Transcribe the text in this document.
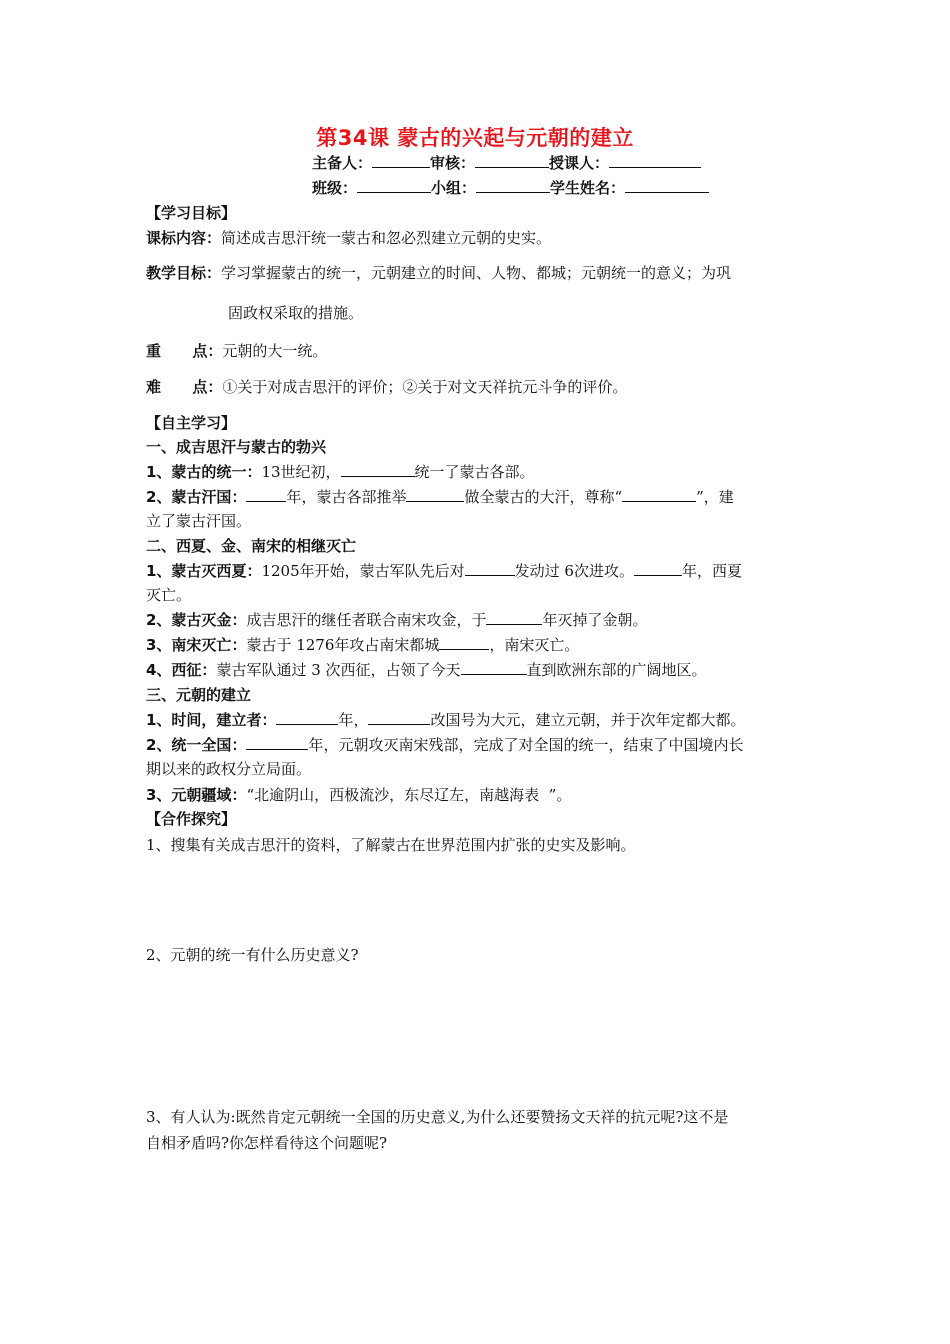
第34课 蒙古的兴起与元朝的建立
主备人：	审核：	授课人：
班级：	小组：	学生姓名：
【学习目标】
课标内容：简述成吉思汗统一蒙古和忽必烈建立元朝的史实。
教学目标：学习掌握蒙古的统一，元朝建立的时间、人物、都城；元朝统一的意义；为巩
固政权采取的措施。
重      点：元朝的大一统。
难      点：①关于对成吉思汗的评价；②关于对文天祥抗元斗争的评价。
【自主学习】
一、成吉思汗与蒙古的勃兴
1、蒙古的统一：13世纪初，	统一了蒙古各部。
2、蒙古汗国：	年，蒙古各部推举	做全蒙古的大汗，尊称“	”，建
立了蒙古汗国。
二、西夏、金、南宋的相继灭亡
1、蒙古灭西夏：1205年开始，蒙古军队先后对	发动过 6次进攻。	年，西夏
灭亡。
2、蒙古灭金：成吉思汗的继任者联合南宋攻金，于	年灭掉了金朝。
3、南宋灭亡：蒙古于 1276年攻占南宋都城	，南宋灭亡。
4、西征：蒙古军队通过 3 次西征，占领了今天	直到欧洲东部的广阔地区。
三、元朝的建立
1、时间，建立者：	年，	改国号为大元，建立元朝，并于次年定都大都。
2、统一全国：	年，元朝攻灭南宋残部，完成了对全国的统一，结束了中国境内长
期以来的政权分立局面。
3、元朝疆域：“北逾阴山，西极流沙，东尽辽左，南越海表  ”。
【合作探究】
1、搜集有关成吉思汗的资料，了解蒙古在世界范围内扩张的史实及影响。
2、元朝的统一有什么历史意义?
3、有人认为:既然肯定元朝统一全国的历史意义,为什么还要赞扬文天祥的抗元呢?这不是
自相矛盾吗?你怎样看待这个问题呢?
